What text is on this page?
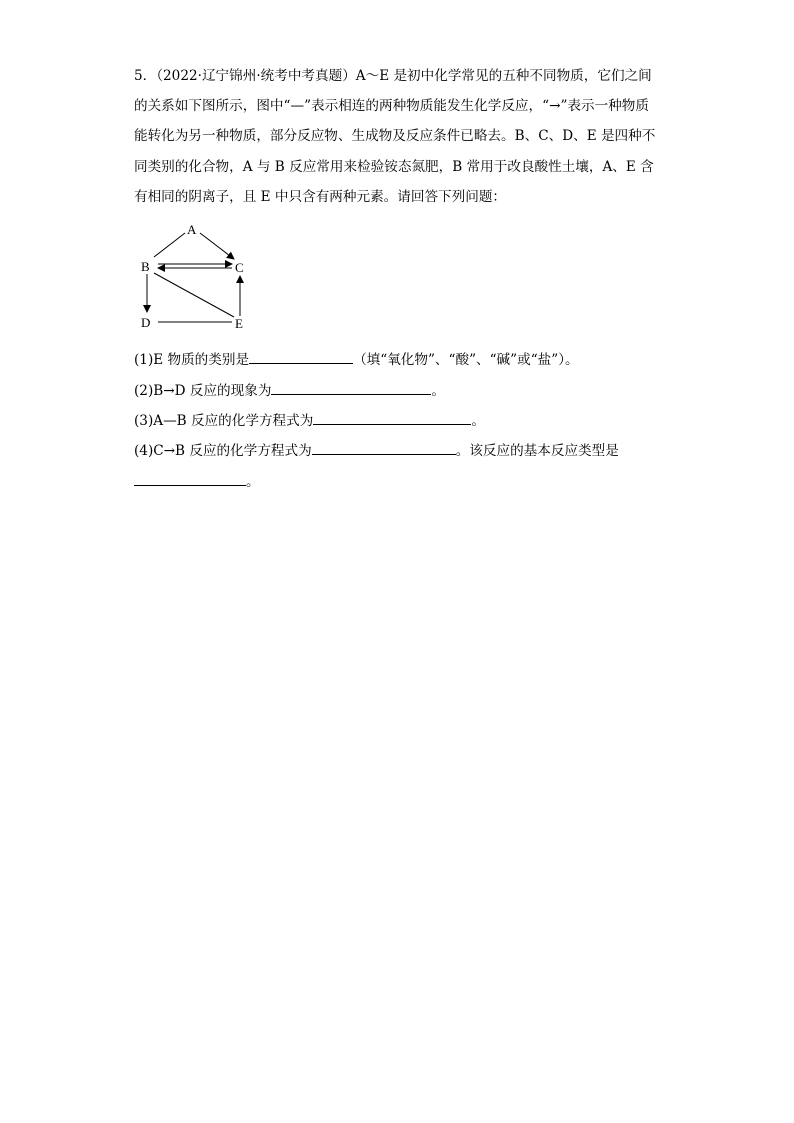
5．（2022·辽宁锦州·统考中考真题）A～E 是初中化学常见的五种不同物质，它们之间
的关系如下图所示，图中“—”表示相连的两种物质能发生化学反应，“→”表示一种物质
能转化为另一种物质，部分反应物、生成物及反应条件已略去。B、C、D、E 是四种不
同类别的化合物，A 与 B 反应常用来检验铵态氮肥，B 常用于改良酸性土壤，A、E 含
有相同的阴离子，且 E 中只含有两种元素。请回答下列问题：
A
B	C
D	E
(1)E 物质的类别是	（填“氧化物”、“酸”、“碱”或“盐”）。
(2)B→D 反应的现象为	。
(3)A—B 反应的化学方程式为	。
(4)C→B 反应的化学方程式为	。该反应的基本反应类型是
。
